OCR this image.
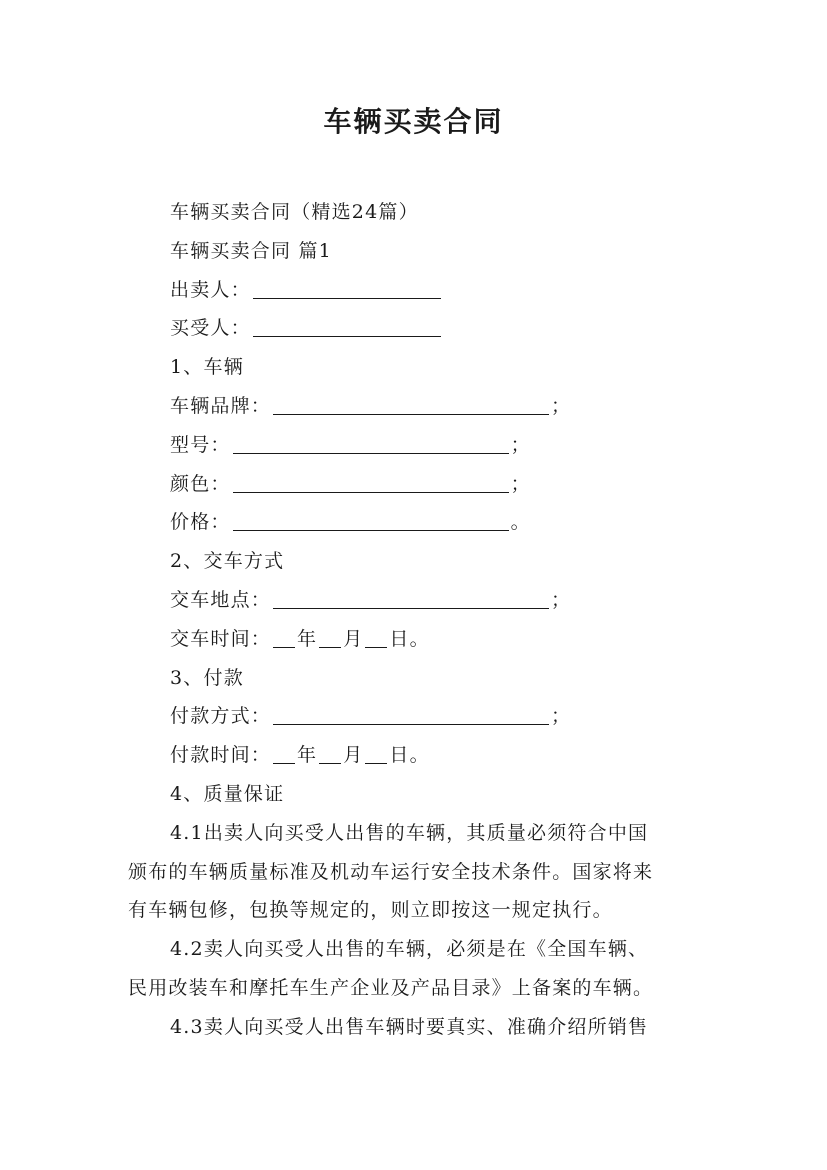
车辆买卖合同
车辆买卖合同（精选24篇）
车辆买卖合同 篇1
出卖人：
买受人：
1、车辆
车辆品牌：	；
型号：	；
颜色：	；
价格：	。
2、交车方式
交车地点：	；
交车时间： 年 月 日。
3、付款
付款方式：	；
付款时间： 年 月 日。
4、质量保证
4.1出卖人向买受人出售的车辆，其质量必须符合中国
颁布的车辆质量标准及机动车运行安全技术条件。国家将来
有车辆包修，包换等规定的，则立即按这一规定执行。
4.2卖人向买受人出售的车辆，必须是在《全国车辆、
民用改装车和摩托车生产企业及产品目录》上备案的车辆。
4.3卖人向买受人出售车辆时要真实、准确介绍所销售
